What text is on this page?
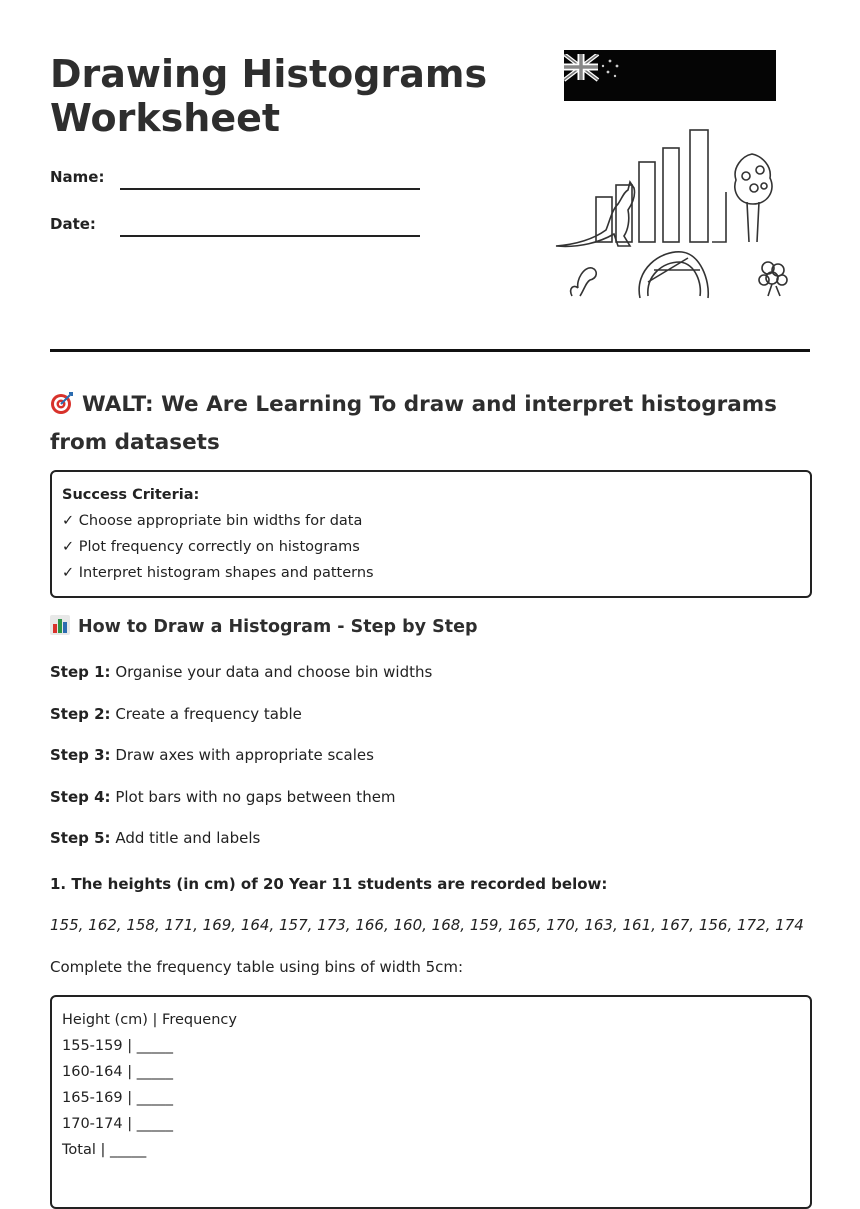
Drawing Histograms Worksheet
Name:
Date:
WALT: We Are Learning To draw and interpret histograms from datasets
Success Criteria:
✓ Choose appropriate bin widths for data
✓ Plot frequency correctly on histograms
✓ Interpret histogram shapes and patterns
How to Draw a Histogram - Step by Step
Step 1: Organise your data and choose bin widths
Step 2: Create a frequency table
Step 3: Draw axes with appropriate scales
Step 4: Plot bars with no gaps between them
Step 5: Add title and labels
1. The heights (in cm) of 20 Year 11 students are recorded below:
155, 162, 158, 171, 169, 164, 157, 173, 166, 160, 168, 159, 165, 170, 163, 161, 167, 156, 172, 174
Complete the frequency table using bins of width 5cm:
Height (cm) | Frequency
155-159 | _____
160-164 | _____
165-169 | _____
170-174 | _____
Total | _____
